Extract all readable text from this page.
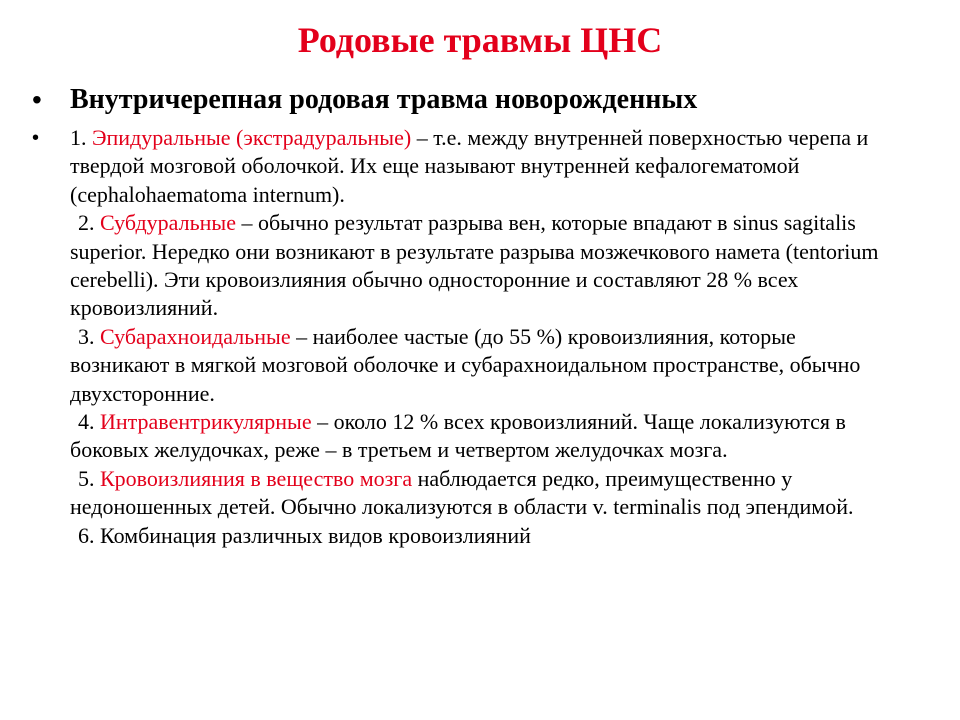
Родовые травмы ЦНС
• Внутричерепная родовая травма новорожденных
• 1. Эпидуральные (экстрадуральные) – т.е. между внутренней поверхностью черепа и твердой мозговой оболочкой. Их еще называют внутренней кефалогематомой (cephalohaematoma internum).

2. Субдуральные – обычно результат разрыва вен, которые впадают в sinus sagitalis superior. Нередко они возникают в результате разрыва мозжечкового намета (tentorium cerebelli). Эти кровоизлияния обычно односторонние и составляют 28 % всех кровоизлияний.

3. Субарахноидальные – наиболее частые (до 55 %) кровоизлияния, которые возникают в мягкой мозговой оболочке и субарахноидальном пространстве, обычно двухсторонние.

4. Интравентрикулярные – около 12 % всех кровоизлияний. Чаще локализуются в боковых желудочках, реже – в третьем и четвертом желудочках мозга.

5. Кровоизлияния в вещество мозга наблюдается редко, преимущественно у недоношенных детей. Обычно локализуются в области v. terminalis под эпендимой.

6. Комбинация различных видов кровоизлияний
